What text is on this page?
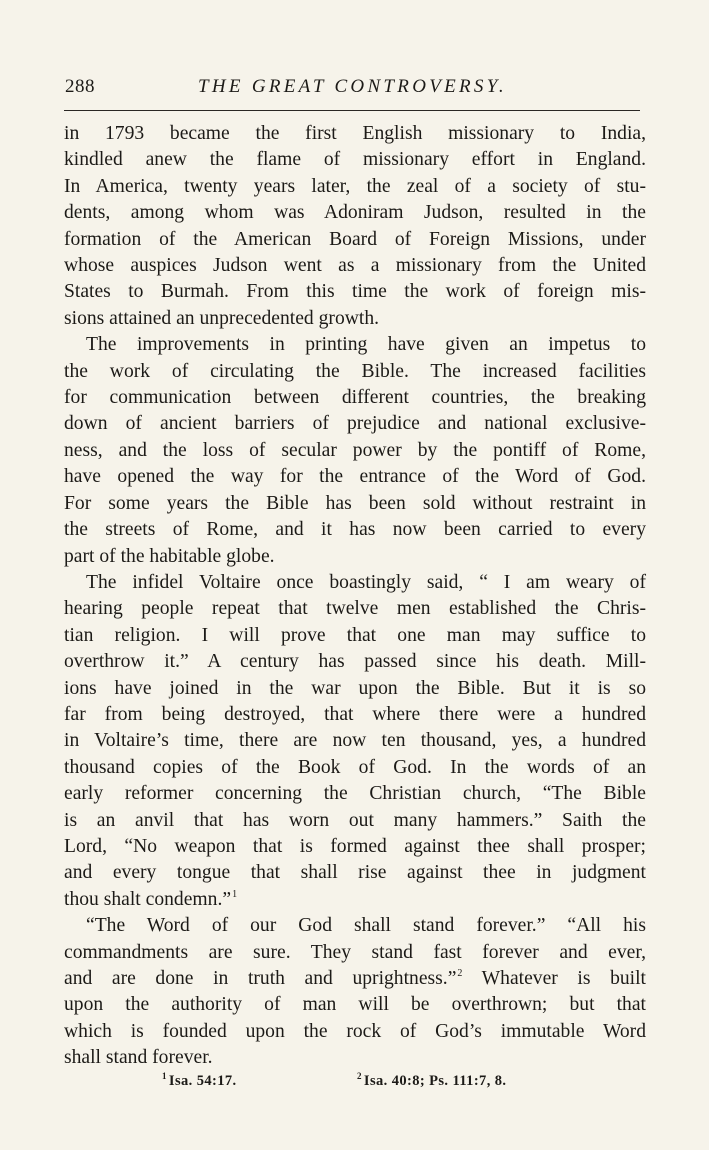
288	THE GREAT CONTROVERSY.

in 1793 became the first English missionary to India,
kindled anew the flame of missionary effort in England.
In America, twenty years later, the zeal of a society of stu-
dents, among whom was Adoniram Judson, resulted in the
formation of the American Board of Foreign Missions, under
whose auspices Judson went as a missionary from the United
States to Burmah. From this time the work of foreign mis-
sions attained an unprecedented growth.

The improvements in printing have given an impetus to
the work of circulating the Bible. The increased facilities
for communication between different countries, the breaking
down of ancient barriers of prejudice and national exclusive-
ness, and the loss of secular power by the pontiff of Rome,
have opened the way for the entrance of the Word of God.
For some years the Bible has been sold without restraint in
the streets of Rome, and it has now been carried to every
part of the habitable globe.

The infidel Voltaire once boastingly said, “ I am weary of
hearing people repeat that twelve men established the Chris-
tian religion. I will prove that one man may suffice to
overthrow it.” A century has passed since his death. Mill-
ions have joined in the war upon the Bible. But it is so
far from being destroyed, that where there were a hundred
in Voltaire’s time, there are now ten thousand, yes, a hundred
thousand copies of the Book of God. In the words of an
early reformer concerning the Christian church, “The Bible
is an anvil that has worn out many hammers.” Saith the
Lord, “No weapon that is formed against thee shall prosper;
and every tongue that shall rise against thee in judgment
thou shalt condemn.”$^1$

“The Word of our God shall stand forever.” “All his
commandments are sure. They stand fast forever and ever,
and are done in truth and uprightness.”$^2$ Whatever is built
upon the authority of man will be overthrown; but that
which is founded upon the rock of God’s immutable Word
shall stand forever.

$^1$ Isa. 54:17.	$^2$ Isa. 40:8; Ps. 111:7, 8.
